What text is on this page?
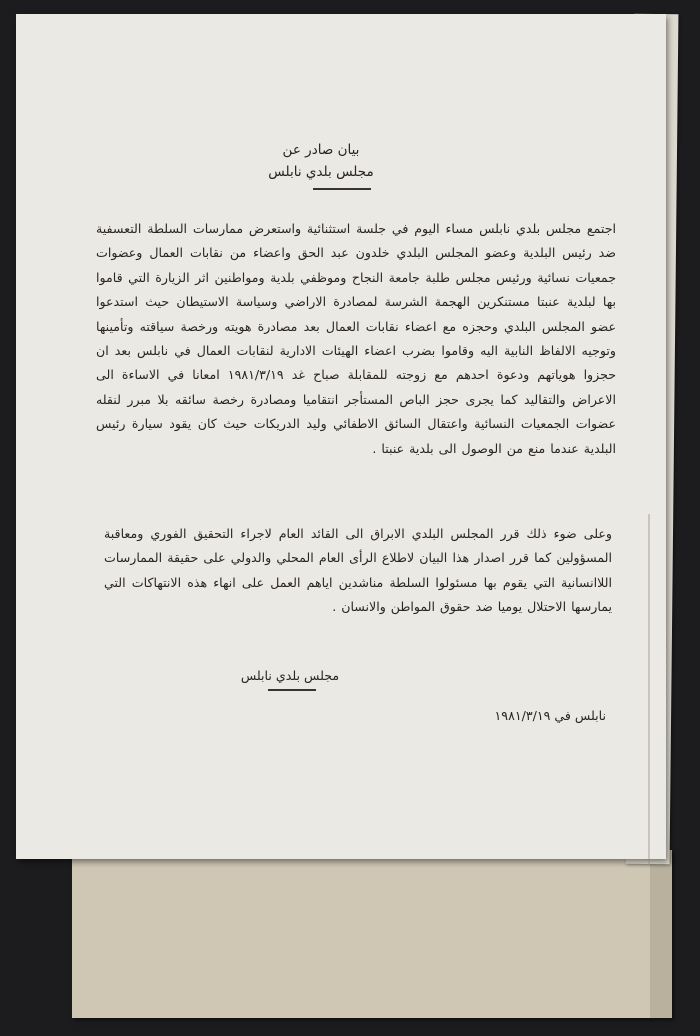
بيان صادر عن
مجلس بلدي نابلس
اجتمع مجلس بلدي نابلس مساء اليوم في جلسة استثنائية واستعرض ممارسات السلطة التعسفية ضد رئيس البلدية وعضو المجلس البلدي خلدون عبد الحق واعضاء من نقابات العمال وعضوات جمعيات نسائية ورئيس مجلس طلبة جامعة النجاح وموظفي بلدية ومواطنين اثر الزيارة التي قاموا بها لبلدية عنبتا مستنكرين الهجمة الشرسة لمصادرة الاراضي وسياسة الاستيطان حيث استدعوا عضو المجلس البلدي وحجزه مع اعضاء نقابات العمال بعد مصادرة هويته ورخصة سياقته وتأمينها وتوجيه الالفاظ النابية اليه وقاموا بضرب اعضاء الهيئات الادارية لنقابات العمال في نابلس بعد ان حجزوا هوياتهم ودعوة احدهم مع زوجته للمقابلة صباح غد ١٩٨١/٣/١٩ امعانا في الاساءة الى الاعراض والتقاليد كما يجرى حجز الباص المستأجر انتقاميا ومصادرة رخصة سائقه بلا مبرر لنقله عضوات الجمعيات النسائية واعتقال السائق الاطفائي وليد الدريكات حيث كان يقود سيارة رئيس البلدية عندما منع من الوصول الى بلدية عنبتا .
وعلى ضوء ذلك قرر المجلس البلدي الابراق الى القائد العام لاجراء التحقيق الفوري ومعاقبة المسؤولين كما قرر اصدار هذا البيان لاطلاع الرأى العام المحلي والدولي على حقيقة الممارسات اللاانسانية التي يقوم بها مسئولوا السلطة مناشدين اياهم العمل على انهاء هذه الانتهاكات التي يمارسها الاحتلال يوميا ضد حقوق المواطن والانسان .
مجلس بلدي نابلس
نابلس في ١٩٨١/٣/١٩
